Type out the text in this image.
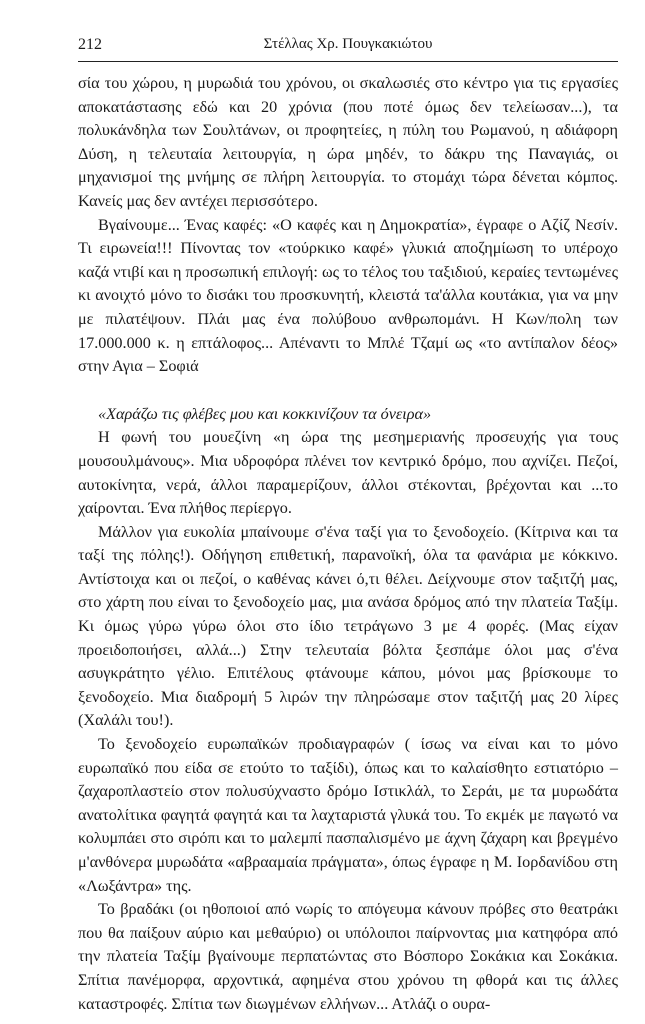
212	Στέλλας Χρ. Πουγκακιώτου

σία του χώρου, η μυρωδιά του χρόνου, οι σκαλωσιές στο κέντρο για τις εργασίες αποκατάστασης εδώ και 20 χρόνια (που ποτέ όμως δεν τελείωσαν...), τα πολυκάνδηλα των Σουλτάνων, οι προφητείες, η πύλη του Ρωμανού, η αδιάφορη Δύση, η τελευταία λειτουργία, η ώρα μηδέν, το δάκρυ της Παναγιάς, οι μηχανισμοί της μνήμης σε πλήρη λειτουργία. το στομάχι τώρα δένεται κόμπος. Κανείς μας δεν αντέχει περισσότερο.

Βγαίνουμε... Ένας καφές: «Ο καφές και η Δημοκρατία», έγραφε ο Αζίζ Νεσίν. Τι ειρωνεία!!! Πίνοντας τον «τούρκικο καφέ» γλυκιά αποζημίωση το υπέροχο καζά ντιβί και η προσωπική επιλογή: ως το τέλος του ταξιδιού, κεραίες τεντωμένες κι ανοιχτό μόνο το δισάκι του προσκυνητή, κλειστά τα'άλλα κουτάκια, για να μην με πιλατέψουν. Πλάι μας ένα πολύβουο ανθρωπομάνι. Η Κων/πολη των 17.000.000 κ. η επτάλοφος... Απέναντι το Μπλέ Τζαμί ως «το αντίπαλον δέος» στην Αγια – Σοφιά

«Χαράζω τις φλέβες μου και κοκκινίζουν τα όνειρα»

Η φωνή του μουεζίνη «η ώρα της μεσημεριανής προσευχής για τους μουσουλμάνους». Μια υδροφόρα πλένει τον κεντρικό δρόμο, που αχνίζει. Πεζοί, αυτοκίνητα, νερά, άλλοι παραμερίζουν, άλλοι στέκονται, βρέχονται και ...το χαίρονται. Ένα πλήθος περίεργο.

Μάλλον για ευκολία μπαίνουμε σ'ένα ταξί για το ξενοδοχείο. (Κίτρινα και τα ταξί της πόλης!). Οδήγηση επιθετική, παρανοϊκή, όλα τα φανάρια με κόκκινο. Αντίστοιχα και οι πεζοί, ο καθένας κάνει ό,τι θέλει. Δείχνουμε στον ταξιτζή μας, στο χάρτη που είναι το ξενοδοχείο μας, μια ανάσα δρόμος από την πλατεία Ταξίμ. Κι όμως γύρω γύρω όλοι στο ίδιο τετράγωνο 3 με 4 φορές. (Μας είχαν προειδοποιήσει, αλλά...) Στην τελευταία βόλτα ξεσπάμε όλοι μας σ'ένα ασυγκράτητο γέλιο. Επιτέλους φτάνουμε κάπου, μόνοι μας βρίσκουμε το ξενοδοχείο. Μια διαδρομή 5 λιρών την πληρώσαμε στον ταξιτζή μας 20 λίρες (Χαλάλι του!).

Το ξενοδοχείο ευρωπαϊκών προδιαγραφών ( ίσως να είναι και το μόνο ευρωπαϊκό που είδα σε ετούτο το ταξίδι), όπως και το καλαίσθητο εστιατόριο – ζαχαροπλαστείο στον πολυσύχναστο δρόμο Ιστικλάλ, το Σεράι, με τα μυρωδάτα ανατολίτικα φαγητά φαγητά και τα λαχταριστά γλυκά του. Το εκμέκ με παγωτό να κολυμπάει στο σιρόπι και το μαλεμπί πασπαλισμένο με άχνη ζάχαρη και βρεγμένο μ'ανθόνερα μυρωδάτα «αβρααμαία πράγματα», όπως έγραφε η Μ. Ιορδανίδου στη «Λωξάντρα» της.

Το βραδάκι (οι ηθοποιοί από νωρίς το απόγευμα κάνουν πρόβες στο θεατράκι που θα παίξουν αύριο και μεθαύριο) οι υπόλοιποι παίρνοντας μια κατηφόρα από την πλατεία Ταξίμ βγαίνουμε περπατώντας στο Βόσπορο Σοκάκια και Σοκάκια. Σπίτια πανέμορφα, αρχοντικά, αφημένα στου χρόνου τη φθορά και τις άλλες καταστροφές. Σπίτια των διωγμένων ελλήνων... Ατλάζι ο ουρα-
